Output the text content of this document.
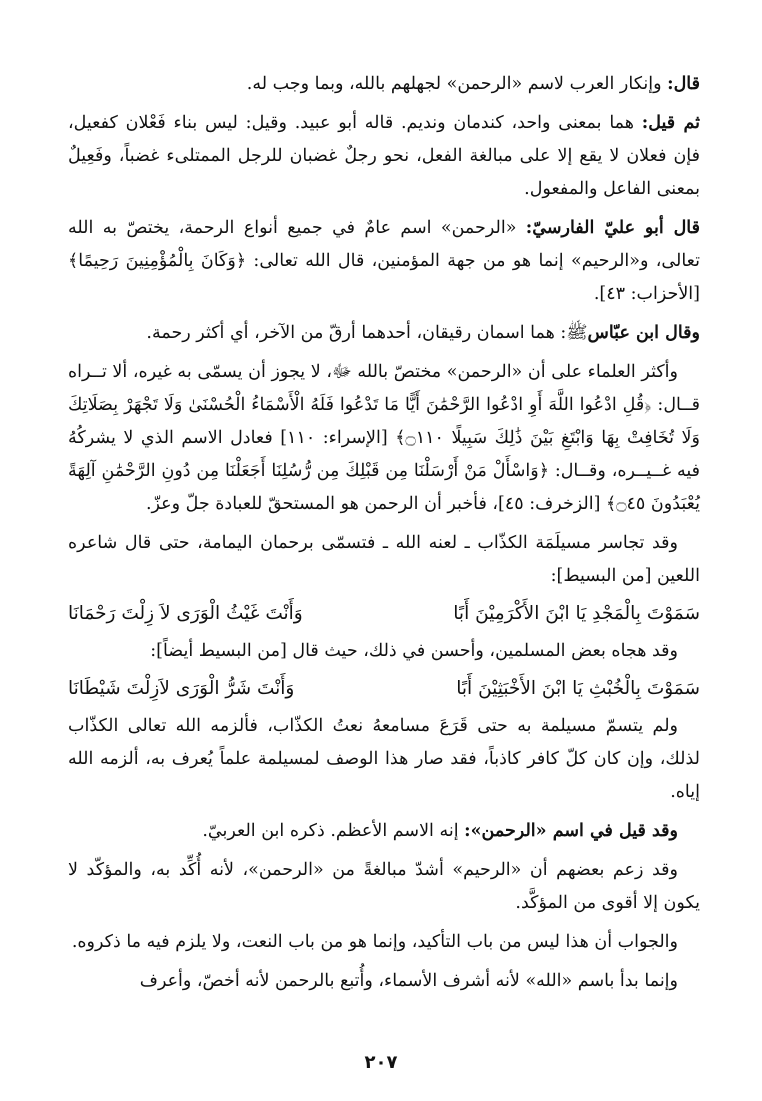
قال: وإنكار العرب لاسم «الرحمن» لجهلهم بالله، وبما وجب له.

ثم قيل: هما بمعنى واحد، كندمان ونديم. قاله أبو عبيد. وقيل: ليس بناء فَعْلان كفعيل، فإن فعلان لا يقع إلا على مبالغة الفعل، نحو رجلٌ غضبان للرجل الممتلىء غضباً، وفَعِيلٌ بمعنى الفاعل والمفعول.

قال أبو عليّ الفارسيّ: «الرحمن» اسم عامٌ في جميع أنواع الرحمة، يختصّ به الله تعالى، و«الرحيم» إنما هو من جهة المؤمنين، قال الله تعالى: ﴿وَكَانَ بِالْمُؤْمِنِينَ رَحِيمًا﴾[الأحزاب: ٤٣].

وقال ابن عبّاسﷺ: هما اسمان رقيقان، أحدهما أرقّ من الآخر، أي أكثر رحمة.

وأكثر العلماء على أن «الرحمن» مختصّ بالله ﷻ، لا يجوز أن يسمّى به غيره، ألا تــراه قــال: ﴿قُلِ ادْعُوا اللَّهَ أَوِ ادْعُوا الرَّحْمَٰنَ أَيًّا مَا تَدْعُوا فَلَهُ الْأَسْمَاءُ الْحُسْنَىٰ وَلَا تَجْهَرْ بِصَلَاتِكَ وَلَا تُخَافِتْ بِهَا وَابْتَغِ بَيْنَ ذَٰلِكَ سَبِيلًا ۝١١٠﴾ [الإسراء: ١١٠] فعادل الاسم الذي لا يشركُهُ فيه غــيــره، وقــال: ﴿وَاسْأَلْ مَنْ أَرْسَلْنَا مِن قَبْلِكَ مِن رُّسُلِنَا أَجَعَلْنَا مِن دُونِ الرَّحْمَٰنِ آلِهَةً يُعْبَدُونَ ۝٤٥﴾ [الزخرف: ٤٥]، فأخبر أن الرحمن هو المستحقّ للعبادة جلّ وعزّ.

وقد تجاسر مسيلَمَة الكذّاب ـ لعنه الله ـ فتسمّى برحمان اليمامة، حتى قال شاعره اللعين [من البسيط]:

سَمَوْتَ بِالْمَجْدِ يَا ابْنَ الأَكْرَمِيْنَ أَبًا
وَأَنْتَ غَيْثُ الْوَرَى لاَ زِلْتَ رَحْمَانَا

وقد هجاه بعض المسلمين، وأحسن في ذلك، حيث قال [من البسيط أيضاً]:

سَمَوْتَ بِالْخُبْثِ يَا ابْنَ الأَخْبَثِيْنَ أَبًا
وَأَنْتَ شَرُّ الْوَرَى لاَزِلْتَ شَيْطَانَا

ولم يتسمّ مسيلمة به حتى قَرَعَ مسامعهُ نعتُ الكذّاب، فألزمه الله تعالى الكذّاب لذلك، وإن كان كلّ كافر كاذباً، فقد صار هذا الوصف لمسيلمة علماً يُعرف به، ألزمه الله إياه.

وقد قيل في اسم «الرحمن»: إنه الاسم الأعظم. ذكره ابن العربيّ.

وقد زعم بعضهم أن «الرحيم» أشدّ مبالغةً من «الرحمن»، لأنه أُكِّد به، والمؤكّد لا يكون إلا أقوى من المؤكَّد.

والجواب أن هذا ليس من باب التأكيد، وإنما هو من باب النعت، ولا يلزم فيه ما ذكروه.

وإنما بدأ باسم «الله» لأنه أشرف الأسماء، وأُتبع بالرحمن لأنه أخصّ، وأعرف

٢٠٧
